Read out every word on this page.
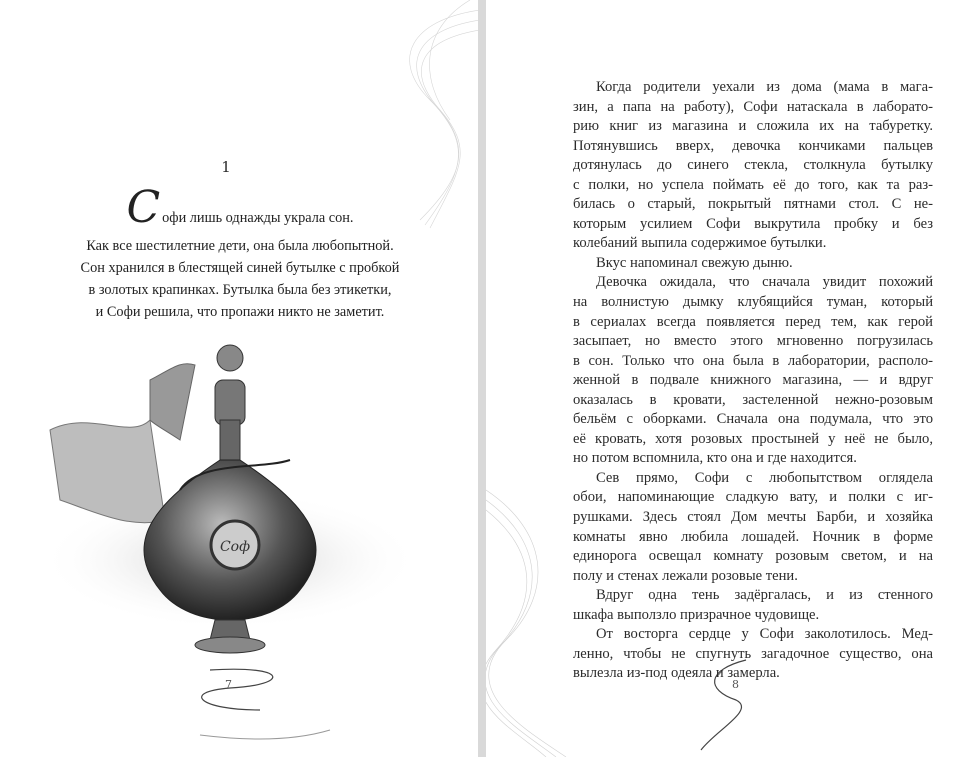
1
Софи лишь однажды украла сон.
Как все шестилетние дети, она была любопытной.
Сон хранился в блестящей синей бутылке с пробкой
в золотых крапинках. Бутылка была без этикетки,
и Софи решила, что пропажи никто не заметит.
Соф
7
Когда родители уехали из дома (мама в мага-
зин, а папа на работу), Софи натаскала в лаборато-
рию книг из магазина и сложила их на табуретку.
Потянувшись вверх, девочка кончиками пальцев
дотянулась до синего стекла, столкнула бутылку
с полки, но успела поймать её до того, как та раз-
билась о старый, покрытый пятнами стол. С не-
которым усилием Софи выкрутила пробку и без
колебаний выпила содержимое бутылки.
Вкус напоминал свежую дыню.
Девочка ожидала, что сначала увидит похожий
на волнистую дымку клубящийся туман, который
в сериалах всегда появляется перед тем, как герой
засыпает, но вместо этого мгновенно погрузилась
в сон. Только что она была в лаборатории, располо-
женной в подвале книжного магазина, — и вдруг
оказалась в кровати, застеленной нежно-розовым
бельём с оборками. Сначала она подумала, что это
её кровать, хотя розовых простыней у неё не было,
но потом вспомнила, кто она и где находится.
Сев прямо, Софи с любопытством оглядела
обои, напоминающие сладкую вату, и полки с иг-
рушками. Здесь стоял Дом мечты Барби, и хозяйка
комнаты явно любила лошадей. Ночник в форме
единорога освещал комнату розовым светом, и на
полу и стенах лежали розовые тени.
Вдруг одна тень задёргалась, и из стенного
шкафа выползло призрачное чудовище.
От восторга сердце у Софи заколотилось. Мед-
ленно, чтобы не спугнуть загадочное существо, она
вылезла из-под одеяла и замерла.
8
